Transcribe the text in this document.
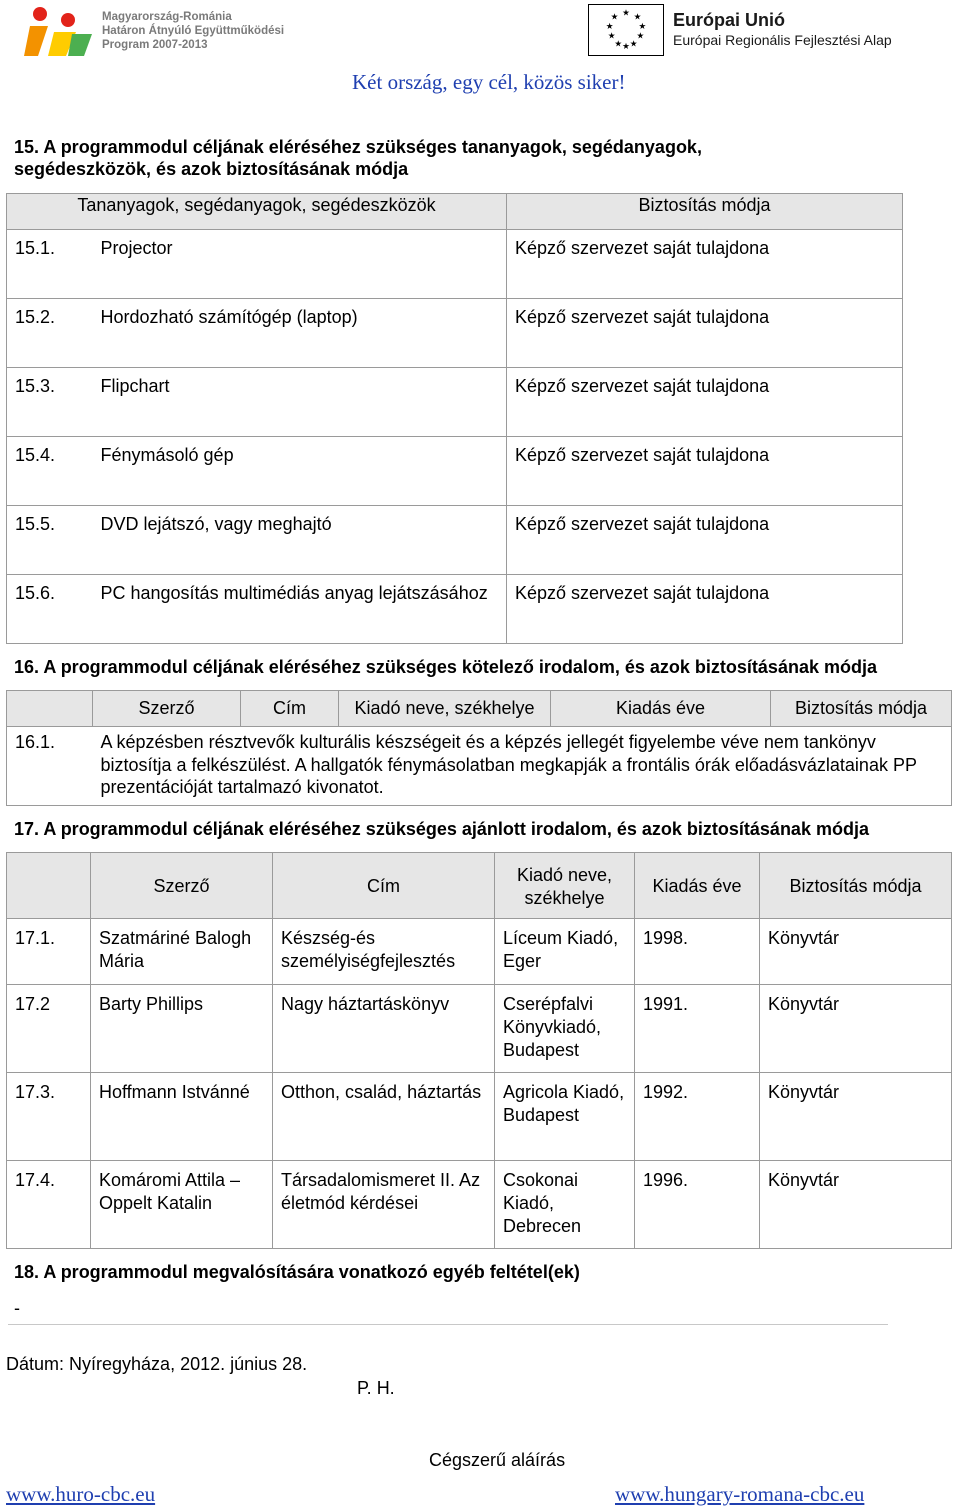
Magyarország-Románia
Határon Átnyúló Együttműködési
Program 2007-2013
★ ★
★
★
★
★
★
★
★
★	Európai Unió
Európai Regionális Fejlesztési Alap
Két ország, egy cél, közös siker!
15. A programmodul céljának eléréséhez szükséges tananyagok, segédanyagok, segédeszközök, és azok biztosításának módja
Tananyagok, segédanyagok, segédeszközök		Biztosítás módja
15.1.	Projector	Képző szervezet saját tulajdona
15.2.	Hordozható számítógép (laptop)	Képző szervezet saját tulajdona
15.3.	Flipchart	Képző szervezet saját tulajdona
15.4.	Fénymásoló gép	Képző szervezet saját tulajdona
15.5.	DVD lejátszó, vagy meghajtó	Képző szervezet saját tulajdona
15.6.	PC hangosítás multimédiás anyag lejátszásához	Képző szervezet saját tulajdona
16. A programmodul céljának eléréséhez szükséges kötelező irodalom, és azok biztosításának módja
	Szerző	Cím	Kiadó neve, székhelye	Kiadás éve	Biztosítás módja
16.1.	A képzésben résztvevők kulturális készségeit és a képzés jellegét figyelembe véve nem tankönyv biztosítja a felkészülést. A hallgatók fénymásolatban megkapják a frontális órák előadásvázlatainak PP prezentációját tartalmazó kivonatot.				
17. A programmodul céljának eléréséhez szükséges ajánlott irodalom, és azok biztosításának módja
	Szerző	Cím	Kiadó neve, székhelye	Kiadás éve	Biztosítás módja
17.1.	Szatmáriné Balogh Mária	Készség-és személyiségfejlesztés	Líceum Kiadó, Eger	1998.	Könyvtár
17.2	Barty Phillips	Nagy háztartáskönyv	Cserépfalvi Könyvkiadó, Budapest	1991.	Könyvtár
17.3.	Hoffmann Istvánné	Otthon, család, háztartás	Agricola Kiadó, Budapest	1992.	Könyvtár
17.4.	Komáromi Attila – Oppelt Katalin	Társadalomismeret II. Az életmód kérdései	Csokonai Kiadó, Debrecen	1996.	Könyvtár
18. A programmodul megvalósítására vonatkozó egyéb feltétel(ek)
-
Dátum: Nyíregyháza, 2012. június 28.
P. H.
Cégszerű aláírás
www.huro-cbc.eu	www.hungary-romana-cbc.eu
